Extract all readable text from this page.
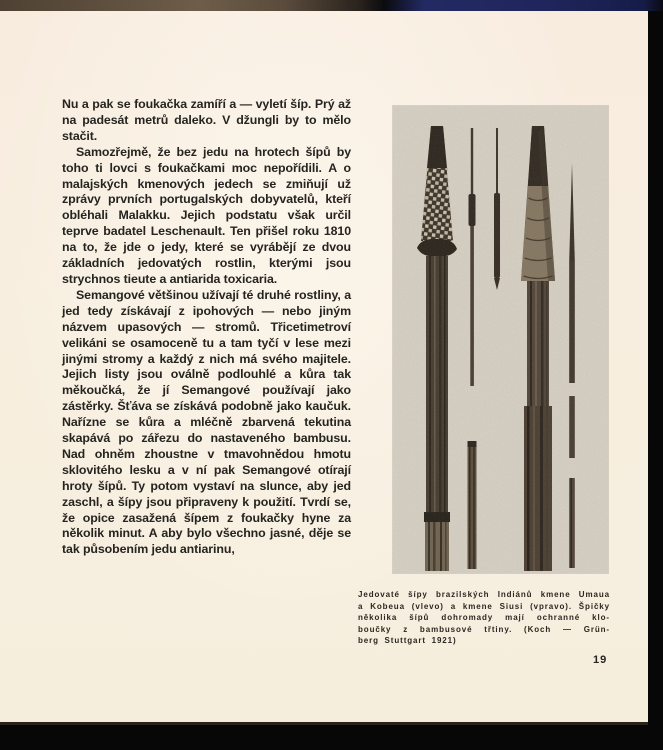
Nu a pak se foukačka zamíří a — vyletí šíp. Prý až na padesát metrů daleko. V džungli by to mělo stačit.

Samozřejmě, že bez jedu na hrotech šípů by toho ti lovci s foukačkami moc nepořídili. A o malajských kmenových jedech se zmiňují už zprávy prvních portugalských dobyvatelů, kteří obléhali Malakku. Jejich podstatu však určil teprve badatel Leschenault. Ten přišel roku 1810 na to, že jde o jedy, které se vyrábějí ze dvou základních jedovatých rostlin, kterými jsou strychnos tieute a antiarida toxicaria.

Semangové většinou užívají té druhé rostliny, a jed tedy získávají z ipohových — nebo jiným názvem upasových — stromů. Třicetimetroví velikáni se osamoceně tu a tam tyčí v lese mezi jinými stromy a každý z nich má svého majitele. Jejich listy jsou oválně podlouhlé a kůra tak měkoučká, že jí Semangové používají jako zástěrky. Šťáva se získává podobně jako kaučuk. Nařízne se kůra a mléčně zbarvená tekutina skapává po zářezu do nastaveného bambusu. Nad ohněm zhoustne v tmavohnědou hmotu sklovitého lesku a v ní pak Semangové otírají hroty šípů. Ty potom vystaví na slunce, aby jed zaschl, a šípy jsou připraveny k použití. Tvrdí se, že opice zasažená šípem z foukačky hyne za několik minut. A aby bylo všechno jasné, děje se tak působením jedu antiarinu,

Jedovaté šípy brazilských Indiánů kmene Umaua
a Kobeua (vlevo) a kmene Siusi (vpravo). Špičky
několika šípů dohromady mají ochranné klo-
boučky z bambusové třtiny. (Koch — Grün-
berg Stuttgart 1921)
19
